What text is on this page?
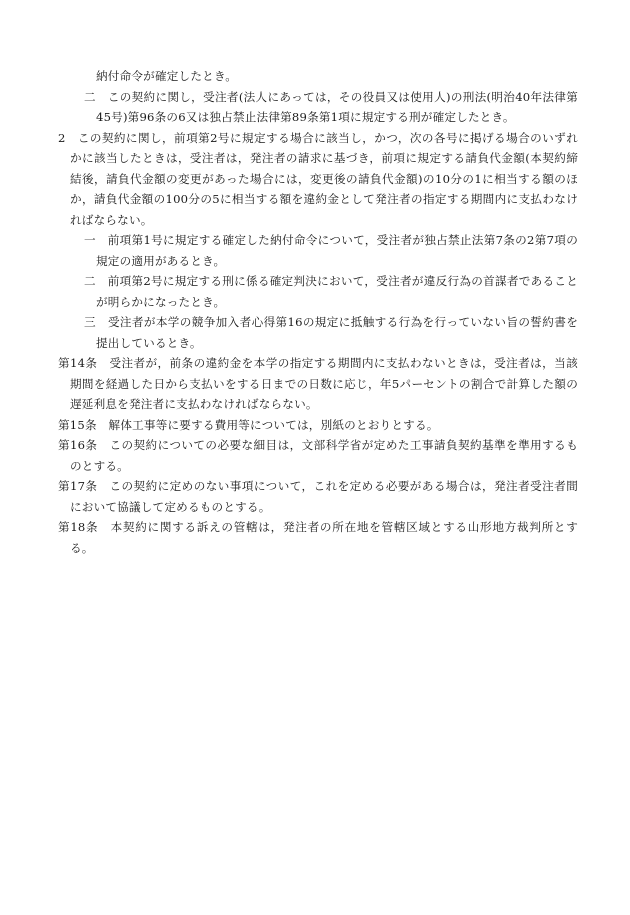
納付命令が確定したとき。

二　この契約に関し，受注者(法人にあっては，その役員又は使用人)の刑法(明治40年法律第45号)第96条の6又は独占禁止法律第89条第1項に規定する刑が確定したとき。

2　この契約に関し，前項第2号に規定する場合に該当し，かつ，次の各号に掲げる場合のいずれかに該当したときは，受注者は，発注者の請求に基づき，前項に規定する請負代金額(本契約締結後，請負代金額の変更があった場合には，変更後の請負代金額)の10分の1に相当する額のほか，請負代金額の100分の5に相当する額を違約金として発注者の指定する期間内に支払わなければならない。

一　前項第1号に規定する確定した納付命令について，受注者が独占禁止法第7条の2第7項の規定の適用があるとき。

二　前項第2号に規定する刑に係る確定判決において，受注者が違反行為の首謀者であることが明らかになったとき。

三　受注者が本学の競争加入者心得第16の規定に抵触する行為を行っていない旨の誓約書を提出しているとき。

第14条　受注者が，前条の違約金を本学の指定する期間内に支払わないときは，受注者は，当該期間を経過した日から支払いをする日までの日数に応じ，年5パーセントの割合で計算した額の遅延利息を発注者に支払わなければならない。

第15条　解体工事等に要する費用等については，別紙のとおりとする。

第16条　この契約についての必要な細目は，文部科学省が定めた工事請負契約基準を準用するものとする。

第17条　この契約に定めのない事項について，これを定める必要がある場合は，発注者受注者間において協議して定めるものとする。

第18条　本契約に関する訴えの管轄は，発注者の所在地を管轄区域とする山形地方裁判所とする。
